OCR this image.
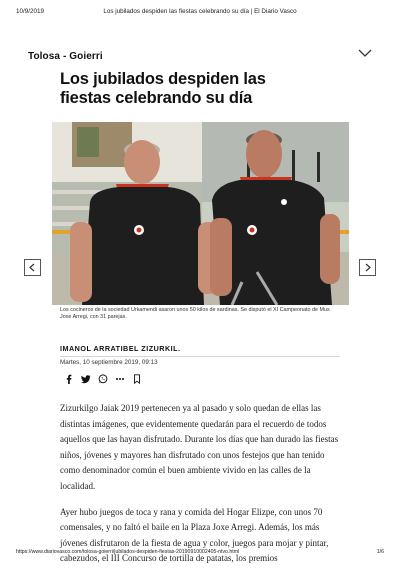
10/9/2019	Los jubilados despiden las fiestas celebrando su día | El Diario Vasco
Tolosa - Goierri
Los jubilados despiden las fiestas celebrando su día

Los cocineros de la sociedad Urkamendi asaron unos 50 kilos de sardinas. Se disputó el XI Campeonato de Mus Joxe Arregi, con 31 parejas.

IMANOL ARRATIBEL ZIZURKIL.
Martes, 10 septiembre 2019, 09:13

Zizurkilgo Jaiak 2019 pertenecen ya al pasado y solo quedan de ellas las distintas imágenes, que evidentemente quedarán para el recuerdo de todos aquellos que las hayan disfrutado. Durante los días que han durado las fiestas niños, jóvenes y mayores han disfrutado con unos festejos que han tenido como denominador común el buen ambiente vivido en las calles de la localidad.

Ayer hubo juegos de toca y rana y comida del Hogar Elizpe, con unos 70 comensales, y no faltó el baile en la Plaza Joxe Arregi. Además, los más jóvenes disfrutaron de la fiesta de agua y color, juegos para mojar y pintar, cabezudos, el III Concurso de tortilla de patatas, los premios

https://www.diariovasco.com/tolosa-goierri/jubilados-despiden-fiestas-20190910002405-ntvo.html	1/6
